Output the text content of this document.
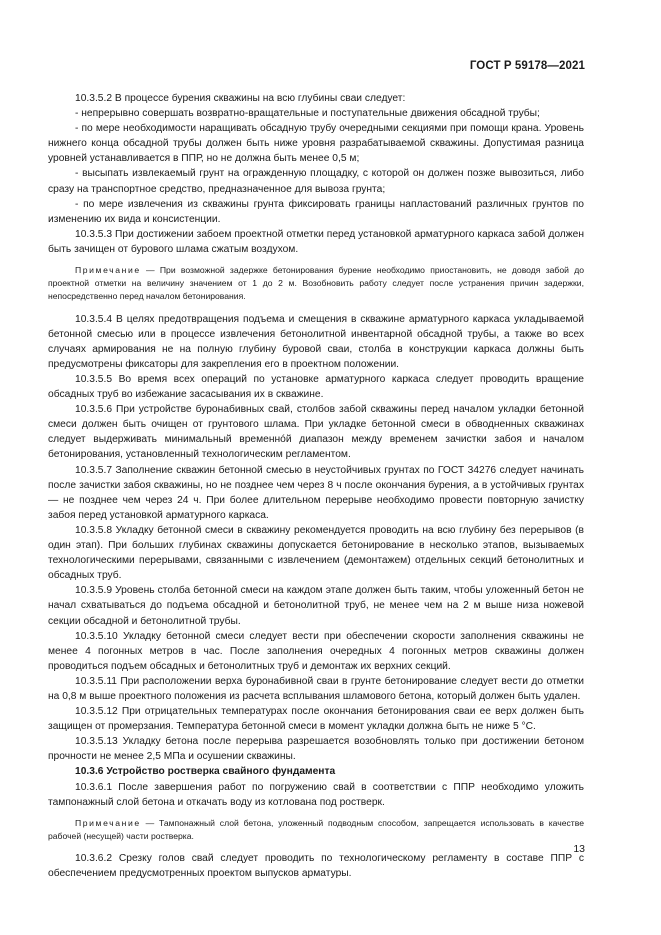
ГОСТ Р 59178—2021

10.3.5.2 В процессе бурения скважины на всю глубины сваи следует:

- непрерывно совершать возвратно-вращательные и поступательные движения обсадной трубы;

- по мере необходимости наращивать обсадную трубу очередными секциями при помощи крана. Уровень нижнего конца обсадной трубы должен быть ниже уровня разрабатываемой скважины. Допустимая разница уровней устанавливается в ППР, но не должна быть менее 0,5 м;

- высыпать извлекаемый грунт на огражденную площадку, с которой он должен позже вывозиться, либо сразу на транспортное средство, предназначенное для вывоза грунта;

- по мере извлечения из скважины грунта фиксировать границы напластований различных грунтов по изменению их вида и консистенции.

10.3.5.3 При достижении забоем проектной отметки перед установкой арматурного каркаса забой должен быть зачищен от бурового шлама сжатым воздухом.

Примечание — При возможной задержке бетонирования бурение необходимо приостановить, не доводя забой до проектной отметки на величину значением от 1 до 2 м. Возобновить работу следует после устранения причин задержки, непосредственно перед началом бетонирования.

10.3.5.4 В целях предотвращения подъема и смещения в скважине арматурного каркаса укладываемой бетонной смесью или в процессе извлечения бетонолитной инвентарной обсадной трубы, а также во всех случаях армирования не на полную глубину буровой сваи, столба в конструкции каркаса должны быть предусмотрены фиксаторы для закрепления его в проектном положении.

10.3.5.5 Во время всех операций по установке арматурного каркаса следует проводить вращение обсадных труб во избежание засасывания их в скважине.

10.3.5.6 При устройстве буронабивных свай, столбов забой скважины перед началом укладки бетонной смеси должен быть очищен от грунтового шлама. При укладке бетонной смеси в обводненных скважинах следует выдерживать минимальный временнóй диапазон между временем зачистки забоя и началом бетонирования, установленный технологическим регламентом.

10.3.5.7 Заполнение скважин бетонной смесью в неустойчивых грунтах по ГОСТ 34276 следует начинать после зачистки забоя скважины, но не позднее чем через 8 ч после окончания бурения, а в устойчивых грунтах — не позднее чем через 24 ч. При более длительном перерыве необходимо провести повторную зачистку забоя перед установкой арматурного каркаса.

10.3.5.8 Укладку бетонной смеси в скважину рекомендуется проводить на всю глубину без перерывов (в один этап). При больших глубинах скважины допускается бетонирование в несколько этапов, вызываемых технологическими перерывами, связанными с извлечением (демонтажем) отдельных секций бетонолитных и обсадных труб.

10.3.5.9 Уровень столба бетонной смеси на каждом этапе должен быть таким, чтобы уложенный бетон не начал схватываться до подъема обсадной и бетонолитной труб, не менее чем на 2 м выше низа ножевой секции обсадной и бетонолитной трубы.

10.3.5.10 Укладку бетонной смеси следует вести при обеспечении скорости заполнения скважины не менее 4 погонных метров в час. После заполнения очередных 4 погонных метров скважины должен проводиться подъем обсадных и бетонолитных труб и демонтаж их верхних секций.

10.3.5.11 При расположении верха буронабивной сваи в грунте бетонирование следует вести до отметки на 0,8 м выше проектного положения из расчета всплывания шламового бетона, который должен быть удален.

10.3.5.12 При отрицательных температурах после окончания бетонирования сваи ее верх должен быть защищен от промерзания. Температура бетонной смеси в момент укладки должна быть не ниже 5 °С.

10.3.5.13 Укладку бетона после перерыва разрешается возобновлять только при достижении бетоном прочности не менее 2,5 МПа и осушении скважины.

10.3.6 Устройство ростверка свайного фундамента

10.3.6.1 После завершения работ по погружению свай в соответствии с ППР необходимо уложить тампонажный слой бетона и откачать воду из котлована под ростверк.

Примечание — Тампонажный слой бетона, уложенный подводным способом, запрещается использовать в качестве рабочей (несущей) части ростверка.

10.3.6.2 Срезку голов свай следует проводить по технологическому регламенту в составе ППР с обеспечением предусмотренных проектом выпусков арматуры.

13
